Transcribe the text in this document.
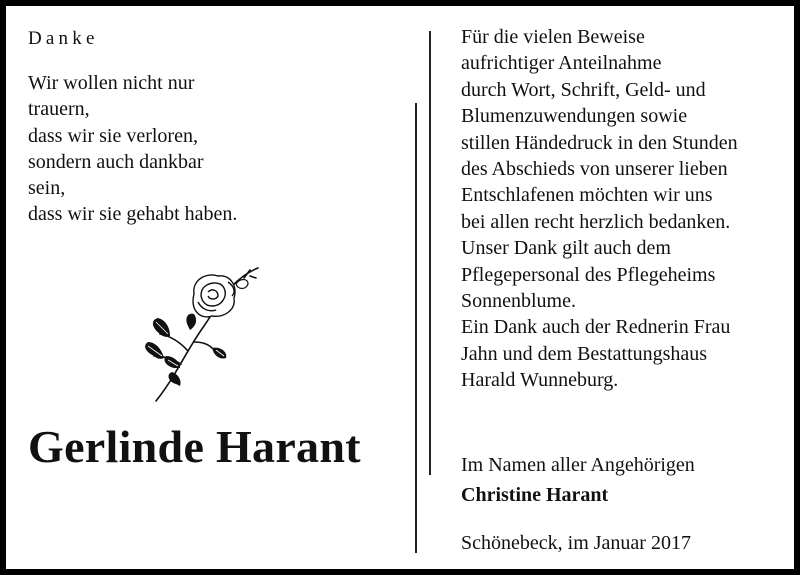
Danke
Wir wollen nicht nur
trauern,
dass wir sie verloren,
sondern auch dankbar
sein,
dass wir sie gehabt haben.
Gerlinde Harant
Für die vielen Beweise
aufrichtiger Anteilnahme
durch Wort, Schrift, Geld- und
Blumenzuwendungen sowie
stillen Händedruck in den Stunden
des Abschieds von unserer lieben
Entschlafenen möchten wir uns
bei allen recht herzlich bedanken.
Unser Dank gilt auch dem
Pflegepersonal des Pflegeheims
Sonnenblume.
Ein Dank auch der Rednerin Frau
Jahn und dem Bestattungshaus
Harald Wunneburg.
Im Namen aller Angehörigen
Christine Harant
Schönebeck, im Januar 2017
